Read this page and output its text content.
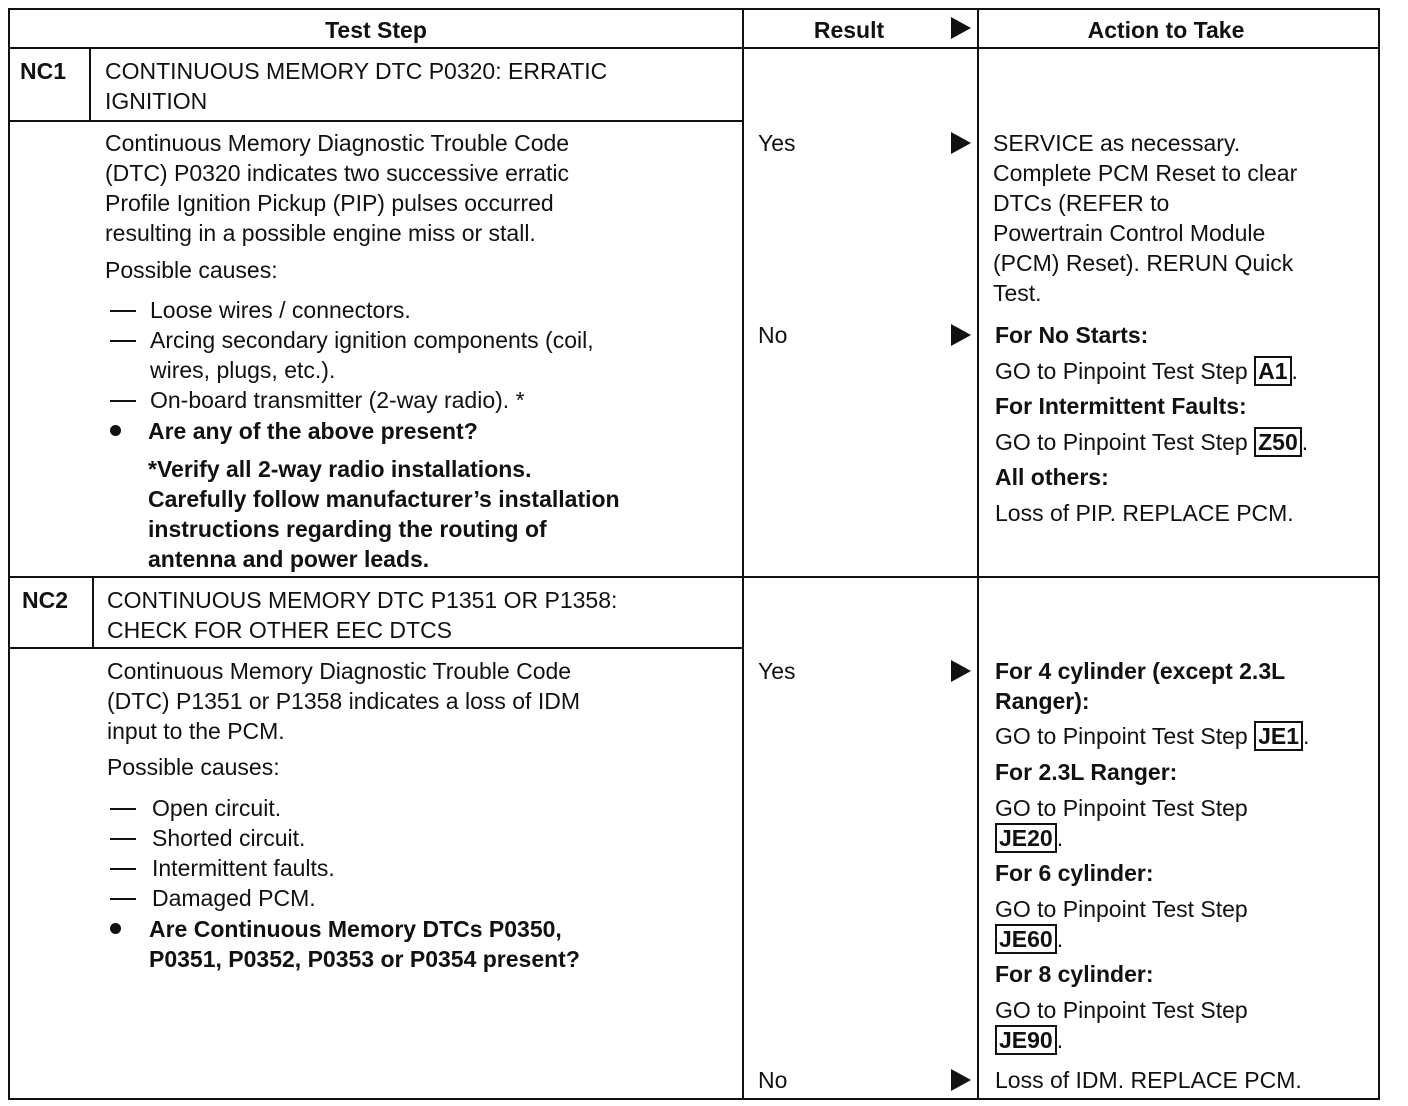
Test Step	Result	Action to Take
NC1 CONTINUOUS MEMORY DTC P0320: ERRATIC
IGNITION
Continuous Memory Diagnostic Trouble Code
(DTC) P0320 indicates two successive erratic
Profile Ignition Pickup (PIP) pulses occurred
resulting in a possible engine miss or stall.
Possible causes:
Loose wires / connectors.
Arcing secondary ignition components (coil,
wires, plugs, etc.).
On-board transmitter (2-way radio). *
Are any of the above present?
*Verify all 2-way radio installations.
Carefully follow manufacturer’s installation
instructions regarding the routing of
antenna and power leads.
Yes
No
SERVICE as necessary.
Complete PCM Reset to clear
DTCs (REFER to
Powertrain Control Module
(PCM) Reset). RERUN Quick
Test.
For No Starts:
GO to Pinpoint Test Step A1 .
For Intermittent Faults:
GO to Pinpoint Test Step Z50 .
All others:
Loss of PIP. REPLACE PCM.
NC2 CONTINUOUS MEMORY DTC P1351 OR P1358:
CHECK FOR OTHER EEC DTCS
Continuous Memory Diagnostic Trouble Code
(DTC) P1351 or P1358 indicates a loss of IDM
input to the PCM.
Possible causes:
Open circuit.
Shorted circuit.
Intermittent faults.
Damaged PCM.
Are Continuous Memory DTCs P0350,
P0351, P0352, P0353 or P0354 present?
Yes
No
For 4 cylinder (except 2.3L
Ranger):
GO to Pinpoint Test Step JE1 .
For 2.3L Ranger:
GO to Pinpoint Test Step
JE20 .
For 6 cylinder:
GO to Pinpoint Test Step
JE60 .
For 8 cylinder:
GO to Pinpoint Test Step
JE90 .
Loss of IDM. REPLACE PCM.
